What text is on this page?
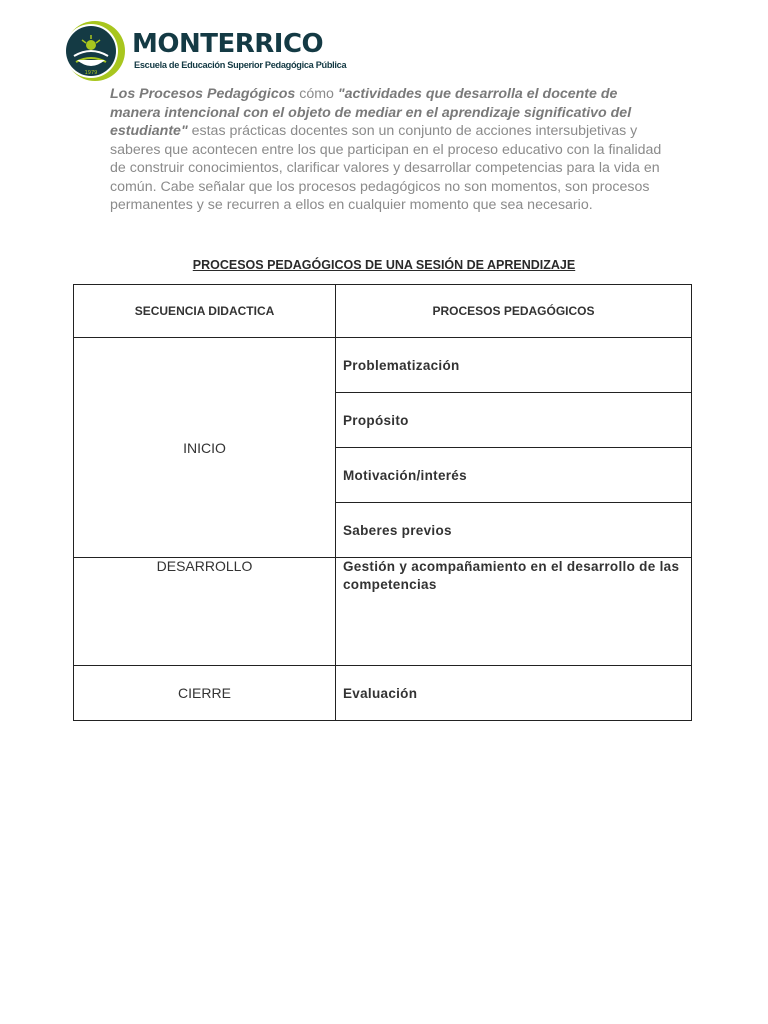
1979
MONTERRICO
Escuela de Educación Superior Pedagógica Pública
Los Procesos Pedagógicos cómo "actividades que desarrolla el docente de manera intencional con el objeto de mediar en el aprendizaje significativo del estudiante" estas prácticas docentes son un conjunto de acciones intersubjetivas y saberes que acontecen entre los que participan en el proceso educativo con la finalidad de construir conocimientos, clarificar valores y desarrollar competencias para la vida en común. Cabe señalar que los procesos pedagógicos no son momentos, son procesos permanentes y se recurren a ellos en cualquier momento que sea necesario.
PROCESOS PEDAGÓGICOS DE UNA SESIÓN DE APRENDIZAJE
SECUENCIA DIDACTICA	PROCESOS PEDAGÓGICOS
INICIO	Problematización
	Propósito
	Motivación/interés
	Saberes previos
DESARROLLO	Gestión y acompañamiento en el desarrollo de las competencias
CIERRE	Evaluación
